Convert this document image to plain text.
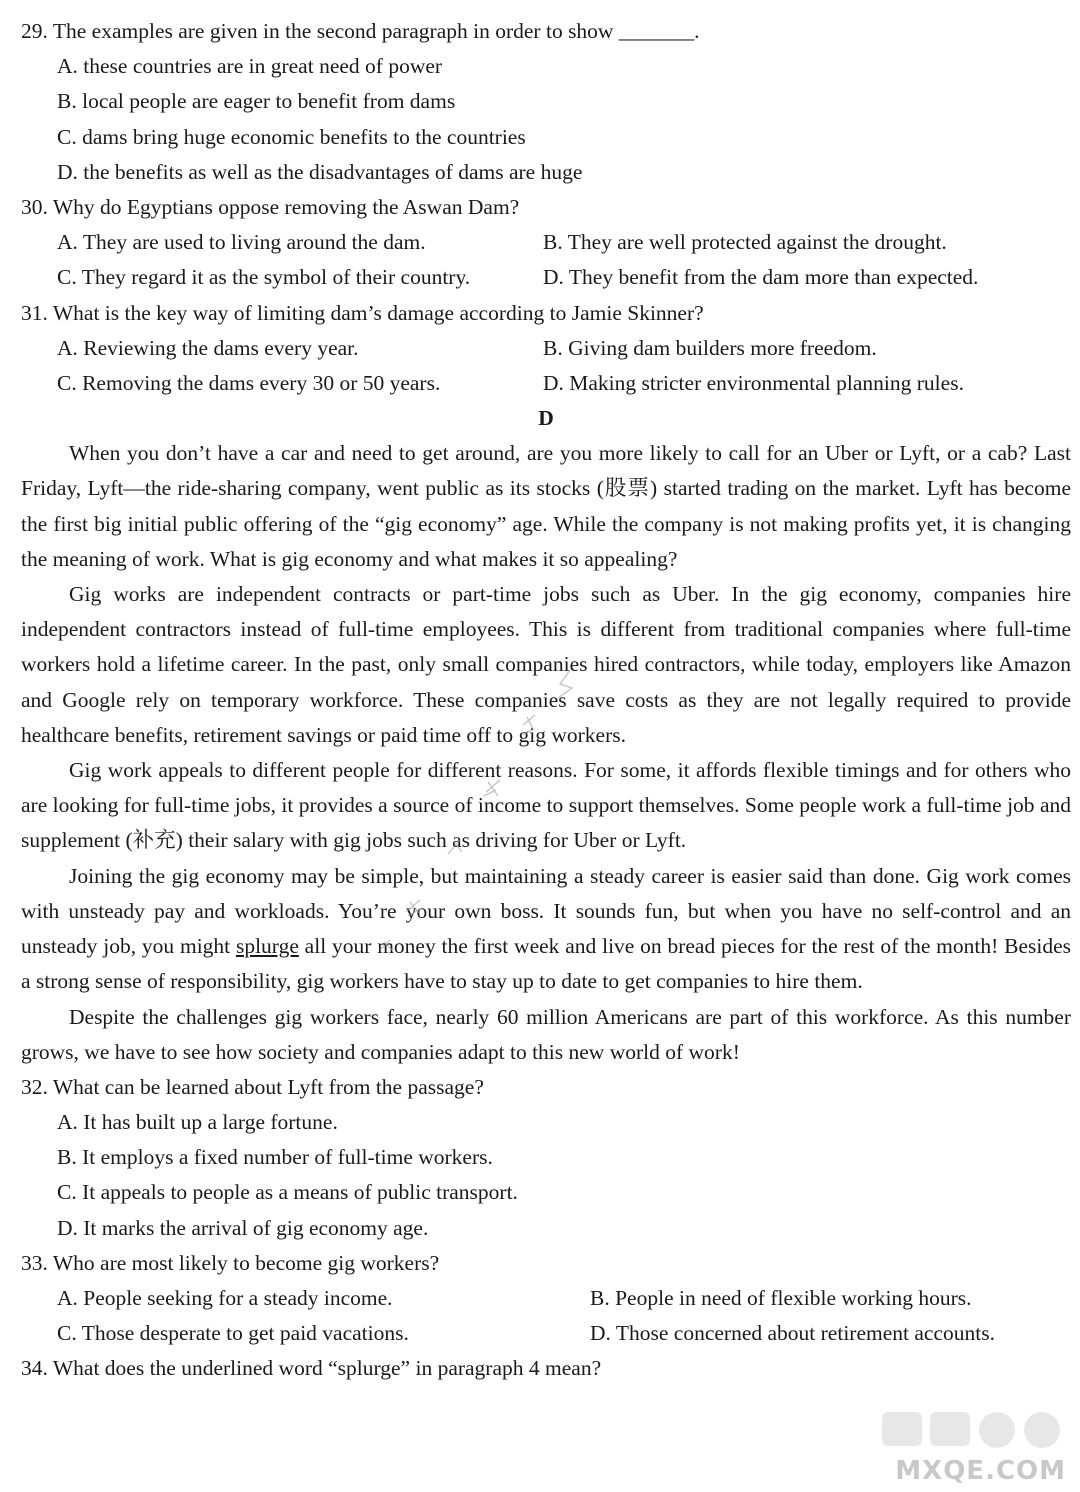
29. The examples are given in the second paragraph in order to show _______.
A. these countries are in great need of power
B. local people are eager to benefit from dams
C. dams bring huge economic benefits to the countries
D. the benefits as well as the disadvantages of dams are huge
30. Why do Egyptians oppose removing the Aswan Dam?
A. They are used to living around the dam.	B. They are well protected against the drought.
C. They regard it as the symbol of their country.	D. They benefit from the dam more than expected.
31. What is the key way of limiting dam’s damage according to Jamie Skinner?
A. Reviewing the dams every year.	B. Giving dam builders more freedom.
C. Removing the dams every 30 or 50 years.	D. Making stricter environmental planning rules.
D
When you don’t have a car and need to get around, are you more likely to call for an Uber or Lyft, or a cab? Last Friday, Lyft—the ride-sharing company, went public as its stocks (股票) started trading on the market. Lyft has become the first big initial public offering of the “gig economy” age. While the company is not making profits yet, it is changing the meaning of work. What is gig economy and what makes it so appealing?
Gig works are independent contracts or part-time jobs such as Uber. In the gig economy, companies hire independent contractors instead of full-time employees. This is different from traditional companies where full-time workers hold a lifetime career. In the past, only small companies hired contractors, while today, employers like Amazon and Google rely on temporary workforce. These companies save costs as they are not legally required to provide healthcare benefits, retirement savings or paid time off to gig workers.
Gig work appeals to different people for different reasons. For some, it affords flexible timings and for others who are looking for full-time jobs, it provides a source of income to support themselves. Some people work a full-time job and supplement (补充) their salary with gig jobs such as driving for Uber or Lyft.
Joining the gig economy may be simple, but maintaining a steady career is easier said than done. Gig work comes with unsteady pay and workloads. You’re your own boss. It sounds fun, but when you have no self-control and an unsteady job, you might splurge all your money the first week and live on bread pieces for the rest of the month! Besides a strong sense of responsibility, gig workers have to stay up to date to get companies to hire them.
Despite the challenges gig workers face, nearly 60 million Americans are part of this workforce. As this number grows, we have to see how society and companies adapt to this new world of work!
32. What can be learned about Lyft from the passage?
A. It has built up a large fortune.
B. It employs a fixed number of full-time workers.
C. It appeals to people as a means of public transport.
D. It marks the arrival of gig economy age.
33. Who are most likely to become gig workers?
A. People seeking for a steady income.	B. People in need of flexible working hours.
C. Those desperate to get paid vacations.	D. Those concerned about retirement accounts.
34. What does the underlined word “splurge” in paragraph 4 mean?
MXQE.COM
